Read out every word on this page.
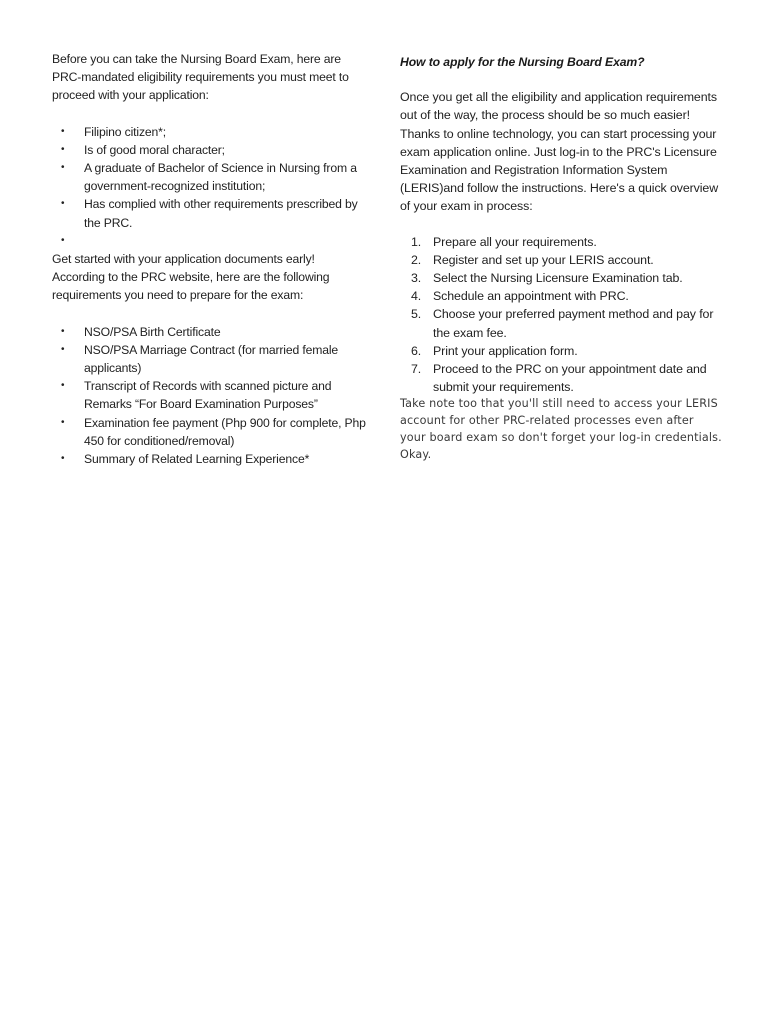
Before you can take the Nursing Board Exam, here are PRC-mandated eligibility requirements you must meet to proceed with your application:

• Filipino citizen*;
• Is of good moral character;
• A graduate of Bachelor of Science in Nursing from a government-recognized institution;
• Has complied with other requirements prescribed by the PRC.
•

Get started with your application documents early! According to the PRC website, here are the following requirements you need to prepare for the exam:

• NSO/PSA Birth Certificate
• NSO/PSA Marriage Contract (for married female applicants)
• Transcript of Records with scanned picture and Remarks “For Board Examination Purposes”
• Examination fee payment (Php 900 for complete, Php 450 for conditioned/removal)
• Summary of Related Learning Experience*

How to apply for the Nursing Board Exam?

Once you get all the eligibility and application requirements out of the way, the process should be so much easier! Thanks to online technology, you can start processing your exam application online. Just log-in to the PRC's Licensure Examination and Registration Information System (LERIS)and follow the instructions. Here's a quick overview of your exam in process:

1. Prepare all your requirements.
2. Register and set up your LERIS account.
3. Select the Nursing Licensure Examination tab.
4. Schedule an appointment with PRC.
5. Choose your preferred payment method and pay for the exam fee.
6. Print your application form.
7. Proceed to the PRC on your appointment date and submit your requirements.

Take note too that you'll still need to access your LERIS account for other PRC-related processes even after your board exam so don't forget your log-in credentials. Okay.
